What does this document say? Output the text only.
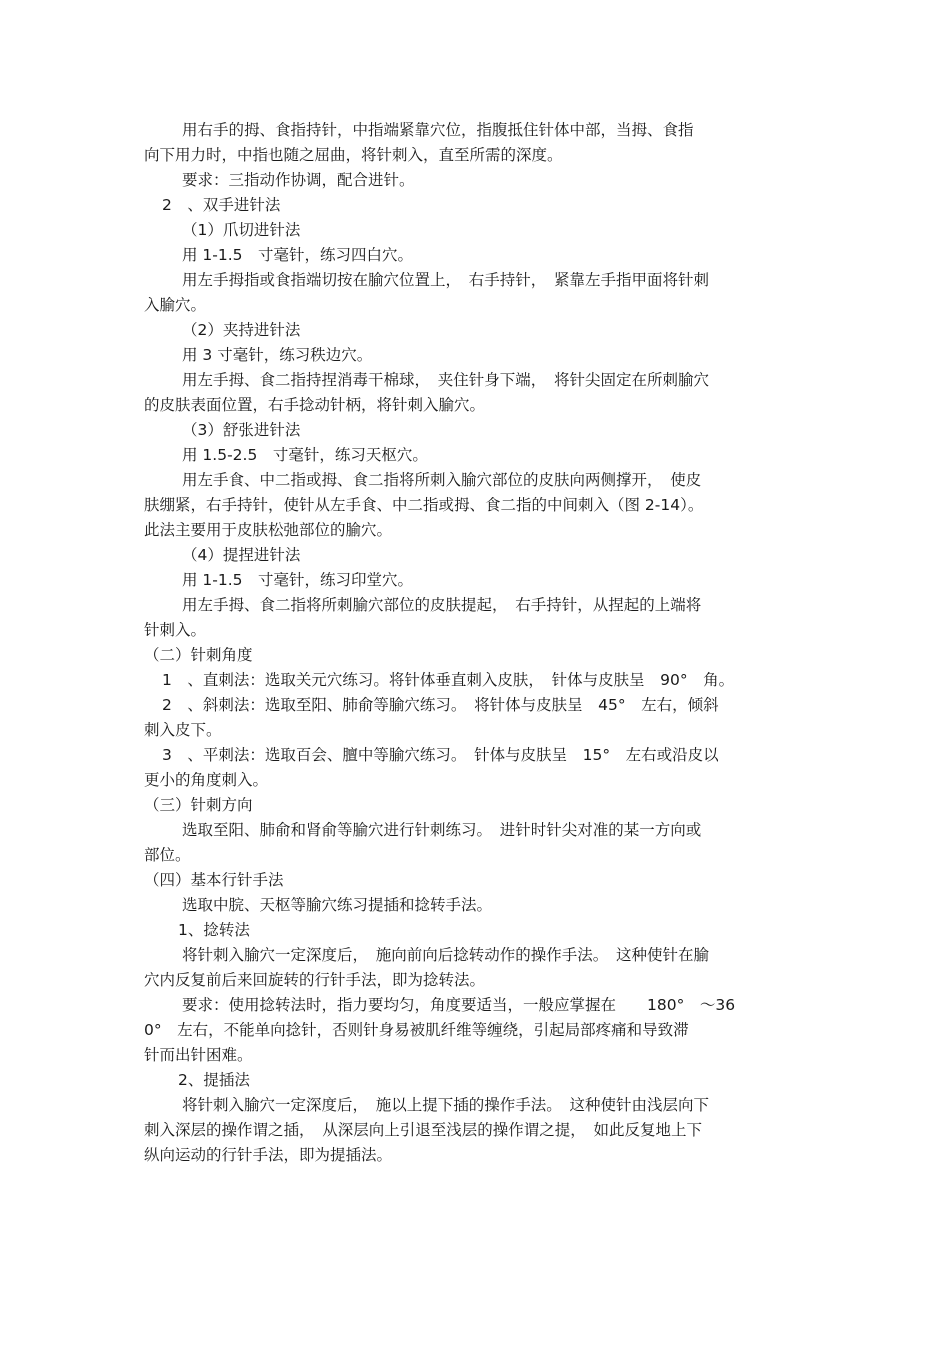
用右手的拇、食指持针，中指端紧靠穴位，指腹抵住针体中部，当拇、食指

向下用力时，中指也随之屈曲，将针刺入，直至所需的深度。

要求：三指动作协调，配合进针。

2　、双手进针法

（1）爪切进针法

用 1-1.5　寸毫针，练习四白穴。

用左手拇指或食指端切按在腧穴位置上，　右手持针，　紧靠左手指甲面将针刺

入腧穴。

（2）夹持进针法

用 3 寸毫针，练习秩边穴。

用左手拇、食二指持捏消毒干棉球，　夹住针身下端，　将针尖固定在所刺腧穴

的皮肤表面位置，右手捻动针柄，将针刺入腧穴。

（3）舒张进针法

用 1.5-2.5　寸毫针，练习天枢穴。

用左手食、中二指或拇、食二指将所刺入腧穴部位的皮肤向两侧撑开，　使皮

肤绷紧，右手持针，使针从左手食、中二指或拇、食二指的中间刺入（图 2-14）。

此法主要用于皮肤松弛部位的腧穴。

（4）提捏进针法

用 1-1.5　寸毫针，练习印堂穴。

用左手拇、食二指将所刺腧穴部位的皮肤提起，　右手持针，从捏起的上端将

针刺入。

（二）针刺角度

1　、直刺法：选取关元穴练习。将针体垂直刺入皮肤，　针体与皮肤呈　90°　角。

2　、斜刺法：选取至阳、肺俞等腧穴练习。　将针体与皮肤呈　45°　左右，倾斜

刺入皮下。

3　、平刺法：选取百会、膻中等腧穴练习。　针体与皮肤呈　15°　左右或沿皮以

更小的角度刺入。

（三）针刺方向

选取至阳、肺俞和肾俞等腧穴进行针刺练习。　进针时针尖对准的某一方向或

部位。

（四）基本行针手法

选取中脘、天枢等腧穴练习提插和捻转手法。

1、捻转法

将针刺入腧穴一定深度后，　施向前向后捻转动作的操作手法。　这种使针在腧

穴内反复前后来回旋转的行针手法，即为捻转法。

要求：使用捻转法时，指力要均匀，角度要适当，一般应掌握在　　180°　～36

0°　左右，不能单向捻针，否则针身易被肌纤维等缠绕，引起局部疼痛和导致滞

针而出针困难。

2、提插法

将针刺入腧穴一定深度后，　施以上提下插的操作手法。　这种使针由浅层向下

刺入深层的操作谓之插，　从深层向上引退至浅层的操作谓之提，　如此反复地上下

纵向运动的行针手法，即为提插法。
